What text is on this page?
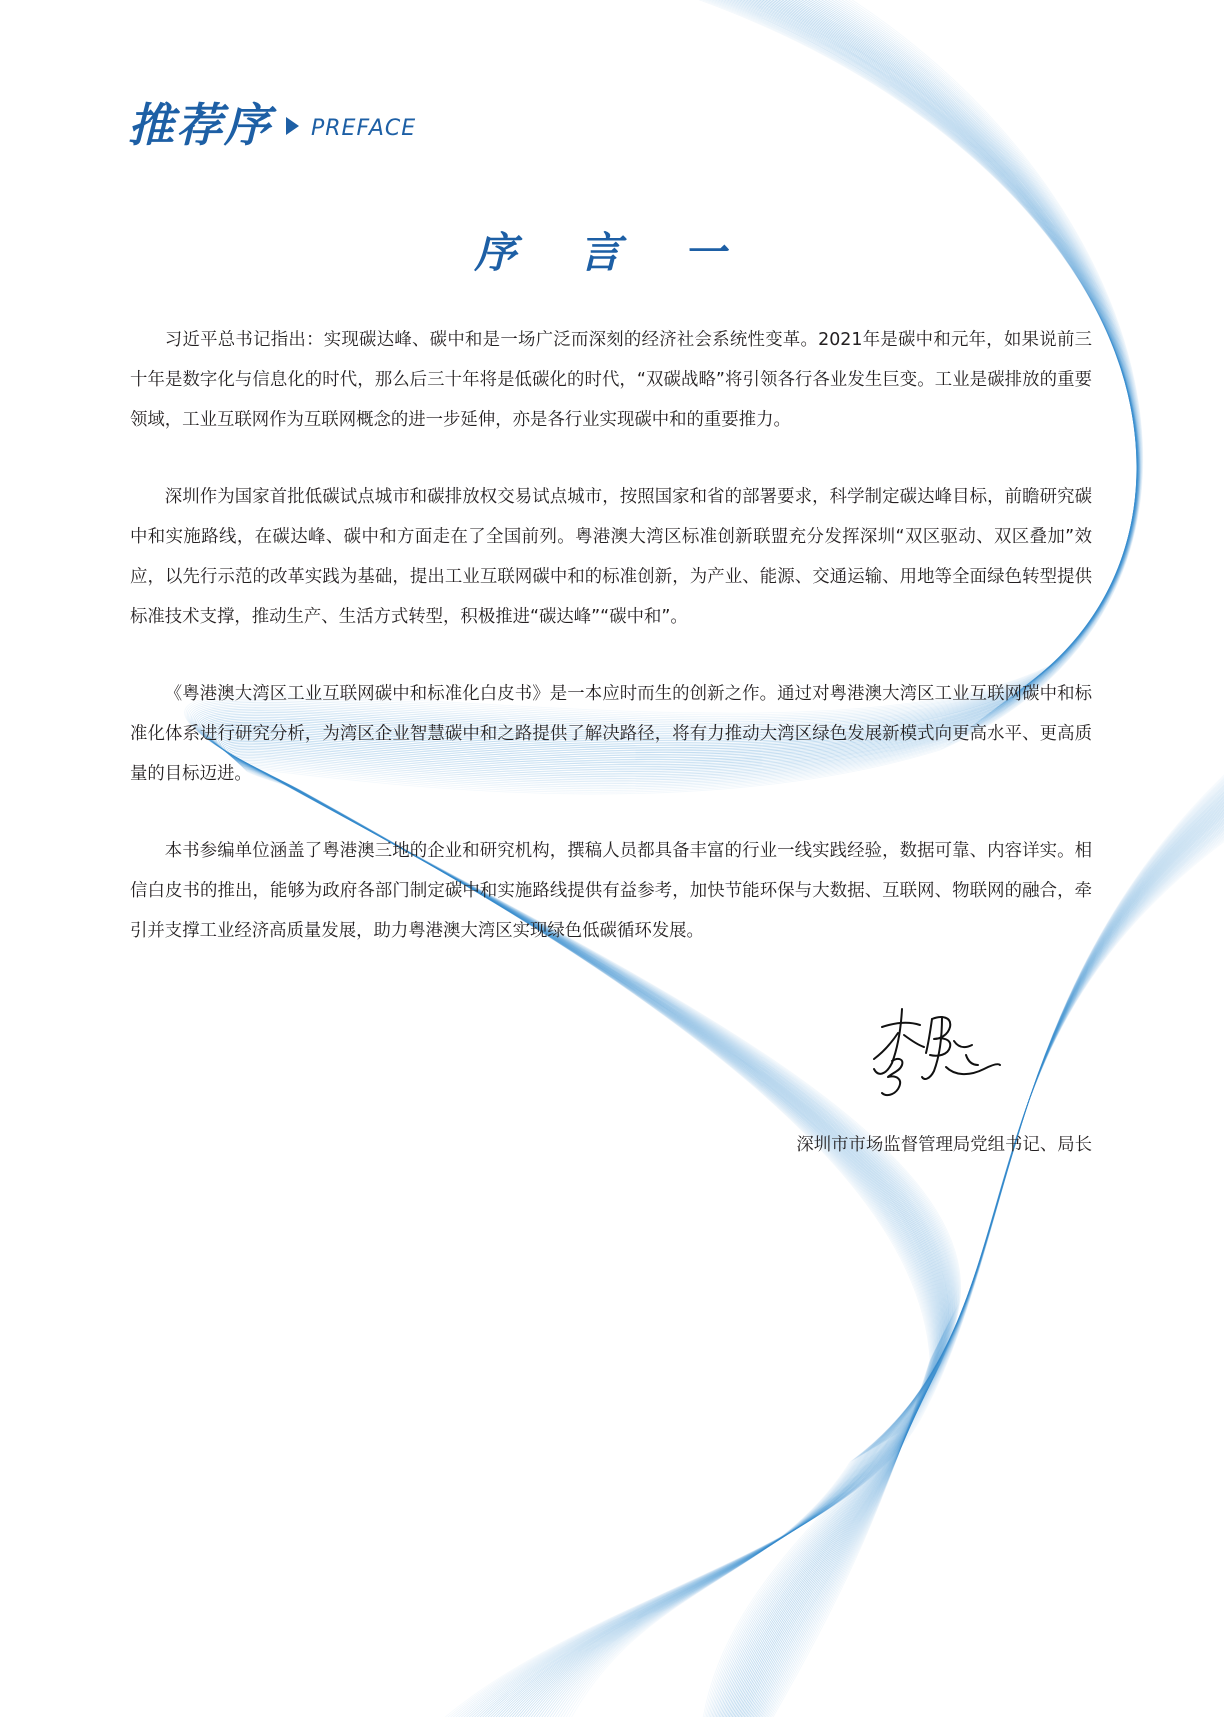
推荐序 PREFACE
序 言 一

习近平总书记指出：实现碳达峰、碳中和是一场广泛而深刻的经济社会系统性变革。2021年是碳中和元年，如果说前三十年是数字化与信息化的时代，那么后三十年将是低碳化的时代，“双碳战略”将引领各行各业发生巨变。工业是碳排放的重要领域，工业互联网作为互联网概念的进一步延伸，亦是各行业实现碳中和的重要推力。

深圳作为国家首批低碳试点城市和碳排放权交易试点城市，按照国家和省的部署要求，科学制定碳达峰目标，前瞻研究碳中和实施路线，在碳达峰、碳中和方面走在了全国前列。粤港澳大湾区标准创新联盟充分发挥深圳“双区驱动、双区叠加”效应，以先行示范的改革实践为基础，提出工业互联网碳中和的标准创新，为产业、能源、交通运输、用地等全面绿色转型提供标准技术支撑，推动生产、生活方式转型，积极推进“碳达峰”“碳中和”。

《粤港澳大湾区工业互联网碳中和标准化白皮书》是一本应时而生的创新之作。通过对粤港澳大湾区工业互联网碳中和标准化体系进行研究分析，为湾区企业智慧碳中和之路提供了解决路径，将有力推动大湾区绿色发展新模式向更高水平、更高质量的目标迈进。

本书参编单位涵盖了粤港澳三地的企业和研究机构，撰稿人员都具备丰富的行业一线实践经验，数据可靠、内容详实。相信白皮书的推出，能够为政府各部门制定碳中和实施路线提供有益参考，加快节能环保与大数据、互联网、物联网的融合，牵引并支撑工业经济高质量发展，助力粤港澳大湾区实现绿色低碳循环发展。

深圳市市场监督管理局党组书记、局长
